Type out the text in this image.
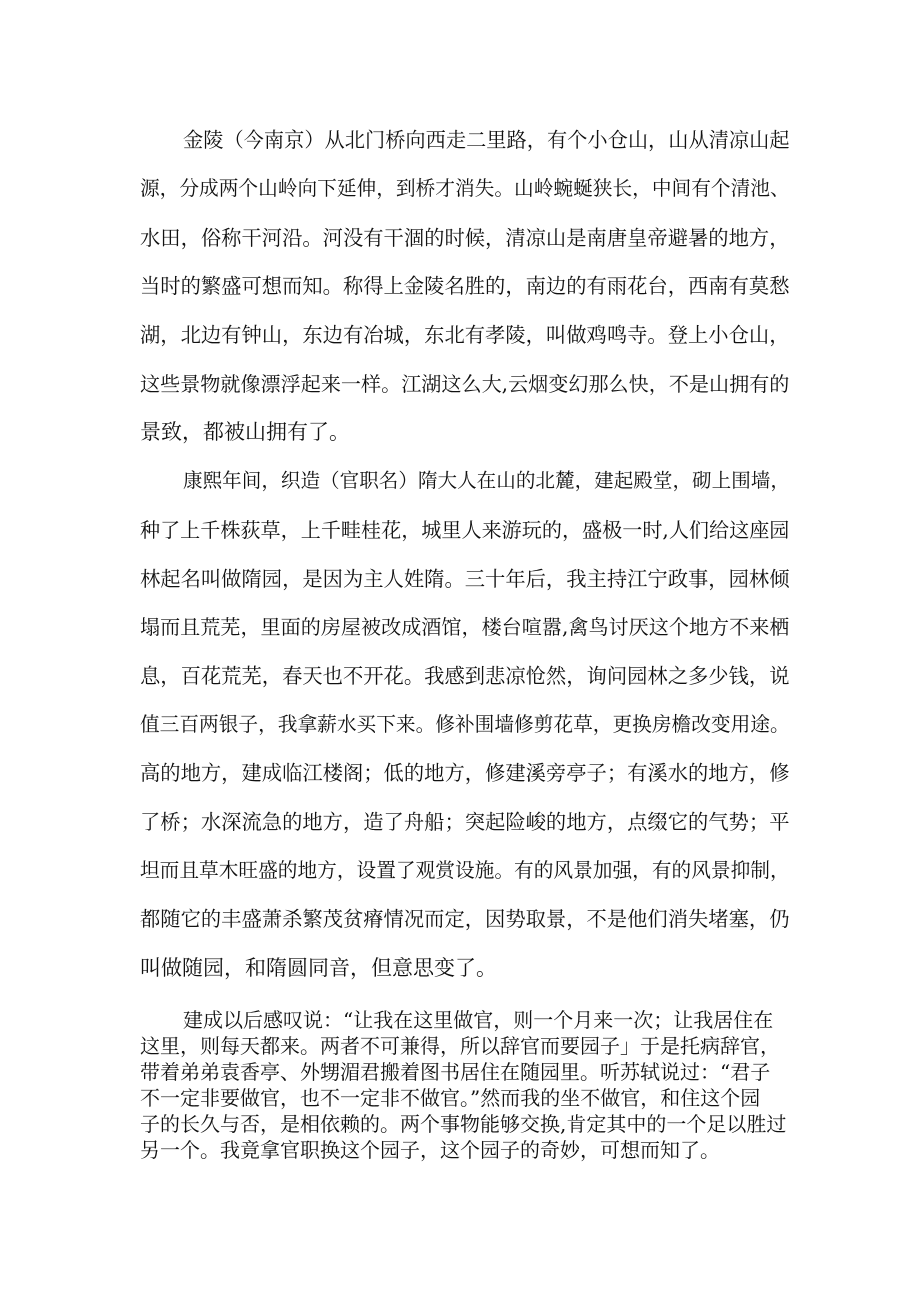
金陵（今南京）从北门桥向西走二里路，有个小仓山，山从清凉山起
源，分成两个山岭向下延伸，到桥才消失。山岭蜿蜒狭长，中间有个清池、
水田，俗称干河沿。河没有干涸的时候，清凉山是南唐皇帝避暑的地方，
当时的繁盛可想而知。称得上金陵名胜的，南边的有雨花台，西南有莫愁
湖，北边有钟山，东边有冶城，东北有孝陵，叫做鸡鸣寺。登上小仓山，
这些景物就像漂浮起来一样。江湖这么大,云烟变幻那么快，不是山拥有的
景致，都被山拥有了。
康熙年间，织造（官职名）隋大人在山的北麓，建起殿堂，砌上围墙，
种了上千株荻草，上千畦桂花，城里人来游玩的，盛极一时,人们给这座园
林起名叫做隋园，是因为主人姓隋。三十年后，我主持江宁政事，园林倾
塌而且荒芜，里面的房屋被改成酒馆，楼台喧嚣,禽鸟讨厌这个地方不来栖
息，百花荒芜，春天也不开花。我感到悲凉怆然，询问园林之多少钱，说
值三百两银子，我拿薪水买下来。修补围墙修剪花草，更换房檐改变用途。
高的地方，建成临江楼阁；低的地方，修建溪旁亭子；有溪水的地方，修
了桥；水深流急的地方，造了舟船；突起险峻的地方，点缀它的气势；平
坦而且草木旺盛的地方，设置了观赏设施。有的风景加强，有的风景抑制，
都随它的丰盛萧杀繁茂贫瘠情况而定，因势取景，不是他们消失堵塞，仍
叫做随园，和隋圆同音，但意思变了。
建成以后感叹说：“让我在这里做官，则一个月来一次；让我居住在
这里，则每天都来。两者不可兼得，所以辞官而要园子」于是托病辞官，
带着弟弟袁香亭、外甥湄君搬着图书居住在随园里。听苏轼说过：“君子
不一定非要做官，也不一定非不做官。”然而我的坐不做官，和住这个园
子的长久与否，是相依赖的。两个事物能够交换,肯定其中的一个足以胜过
另一个。我竟拿官职换这个园子，这个园子的奇妙，可想而知了。
